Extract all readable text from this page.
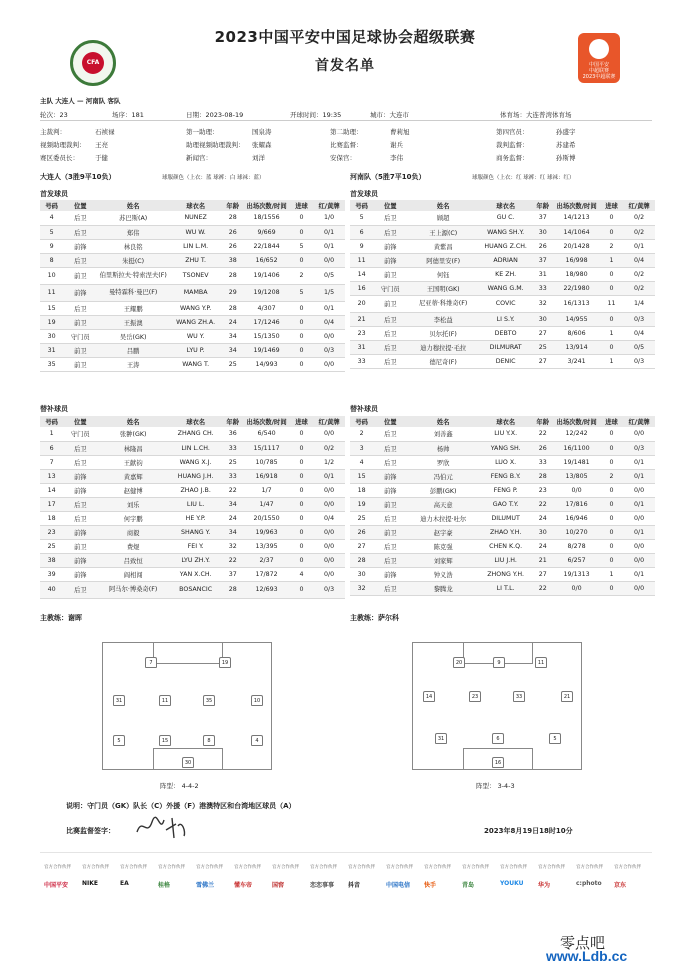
CFA
2023中国平安中国足球协会超级联赛
首发名单	中国平安
中超联赛
2023中超联赛
主队 大连人 — 河南队 客队
轮次：23	场序：181	日期：2023-08-19	开球时间：19:35	城市：大连市	体育场：大连普湾体育场
主裁判：	石祯禄	第一助理：	国泉涛	第二助理：	曹莉旭	第四官员：	孙盛宇
视频助理裁判： 王亮	助理视频助理裁判： 张耀森	比赛监督：	谢兵	裁判监督：	苏建希
赛区委员长： 于健	新闻官：	刘洋	安保官：	李伟	商务监督：	孙斯博
大连人（3胜9平10负）	球服颜色（上衣：蓝 球裤：白 球袜：蓝）
首发球员
号码	位置	姓名	球衣名	年龄	出场次数/时间	进球	红/黄牌
4	后卫	苏巴斯(A)	NUNEZ	28	18/1556	0	1/0
5	后卫	郑伟	WU W.	26	9/669	0	0/1
9	前锋	林良铭	LIN L.M.	26	22/1844	5	0/1
8	后卫	朱挺(C)	ZHU T.	38	16/652	0	0/0
10	前卫	伯里斯拉夫·特索涅夫(F)	TSONEV	28	19/1406	2	0/5
11	前锋	曼特霖科·曼巴(F)	MAMBA	29	19/1208	5	1/5
15	后卫	王耀鹏	WANG Y.P.	28	4/307	0	0/1
19	前卫	王振澳	WANG ZH.A.	24	17/1246	0	0/4
30	守门员	吴岳(GK)	WU Y.	34	15/1350	0	0/0
31	前卫	吕鹏	LYU P.	34	19/1469	0	0/3
35	前卫	王涛	WANG T.	25	14/993	0	0/0
替补球员
号码	位置	姓名	球衣名	年龄	出场次数/时间	进球	红/黄牌
1	守门员	张翀(GK)	ZHANG CH.	36	6/540	0	0/0
6	后卫	林隆昌	LIN L.CH.	33	15/1117	0	0/2
7	后卫	王献钧	WANG X.J.	25	10/785	0	1/2
13	前锋	黄嘉辉	HUANG J.H.	33	16/918	0	0/1
14	前锋	赵健博	ZHAO J.B.	22	1/7	0	0/0
17	后卫	刘乐	LIU L.	34	1/47	0	0/0
18	后卫	何宇鹏	HE Y.P.	24	20/1550	0	0/4
23	前锋	商毅	SHANG Y.	34	19/963	0	0/0
25	前卫	费煜	FEI Y.	32	13/395	0	0/0
38	前锋	吕致恒	LYU ZH.Y.	22	2/37	0	0/0
39	前锋	阎相闯	YAN X.CH.	37	17/872	4	0/0
40	后卫	阿马尔·博桑奇(F)	BOSANCIC	28	12/693	0	0/3
河南队（5胜7平10负）	球服颜色（上衣：红 球裤：红 球袜：红）
首发球员
号码	位置	姓名	球衣名	年龄	出场次数/时间	进球	红/黄牌
5	后卫	顾超	GU C.	37	14/1213	0	0/2
6	后卫	王上源(C)	WANG SH.Y.	30	14/1064	0	0/2
9	前锋	黄紫昌	HUANG Z.CH.	26	20/1428	2	0/1
11	前锋	阿德里安(F)	ADRIAN	37	16/998	1	0/4
14	前卫	何钰	KE ZH.	31	18/980	0	0/2
16	守门员	王国明(GK)	WANG G.M.	33	22/1980	0	0/2
20	前卫	尼亚蒂·科维奇(F)	COVIC	32	16/1313	11	1/4
21	后卫	李松益	LI S.Y.	30	14/955	0	0/3
23	后卫	贝尔托(F)	DEBTO	27	8/606	1	0/4
31	后卫	迪力穆拉提·毛拉	DILMURAT	25	13/914	0	0/5
33	后卫	德尼奇(F)	DENIC	27	3/241	1	0/3
替补球员
号码	位置	姓名	球衣名	年龄	出场次数/时间	进球	红/黄牌
2	后卫	刘善鑫	LIU Y.X.	22	12/242	0	0/0
3	后卫	杨帅	YANG SH.	26	16/1100	0	0/3
4	后卫	罗欣	LUO X.	33	19/1481	0	0/1
15	前锋	冯伯元	FENG B.Y.	28	13/805	2	0/1
18	前锋	彭鹏(GK)	FENG P.	23	0/0	0	0/0
19	前卫	高天意	GAO T.Y.	22	17/816	0	0/1
25	后卫	迪力木拉提·吐尔	DILUMUT	24	16/946	0	0/0
26	前卫	赵宇豪	ZHAO Y.H.	30	10/270	0	0/1
27	后卫	陈克强	CHEN K.Q.	24	8/278	0	0/0
28	后卫	刘家辉	LIU J.H.	21	6/257	0	0/0
30	前锋	钟义浩	ZHONG Y.H.	27	19/1313	1	0/1
32	后卫	黎腾龙	LI T.L.	22	0/0	0	0/0
主教练：谢晖	主教练：萨尔科
7	19
31	11	35	10
5	15	8	4
30
阵型： 4-4-2
20	9	11
14	23	33	21
31	6	5
16
阵型： 3-4-3
说明：守门员（GK）队长（C）外援（F）港澳特区和台湾地区球员（A）
比赛监督签字：	2023年8月19日18时10分
官方合作伙伴
中国平安
官方合作伙伴
NIKE
官方合作伙伴
EA
官方合作伙伴
桂格
官方合作伙伴
雪佛兰
官方合作伙伴
懂车帝
官方合作伙伴
国窖
官方合作伙伴
恋恋事事
官方合作伙伴
抖音
官方合作伙伴
中国电信
官方合作伙伴
快手
官方合作伙伴
青岛
官方合作伙伴
YOUKU
官方合作伙伴
华为
官方合作伙伴
c:photo
官方合作伙伴
京东
零点吧
www.Ldb.cc
